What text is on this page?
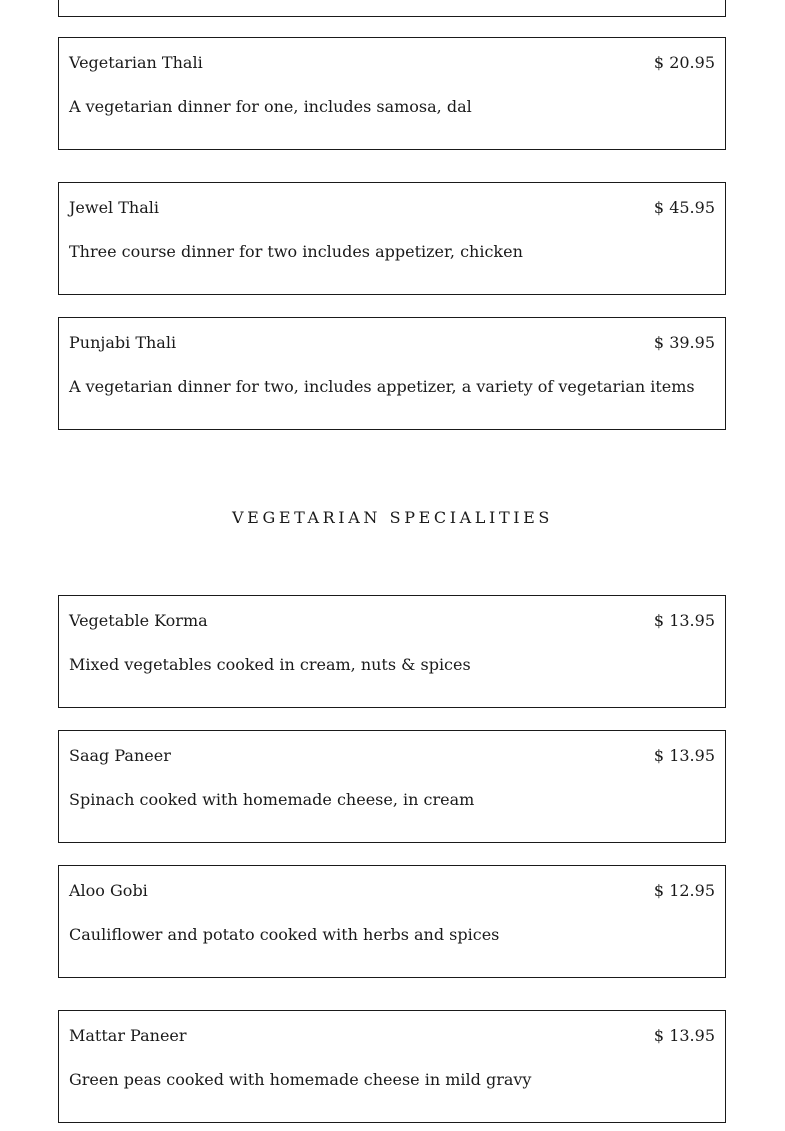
Vegetarian Thali	$ 20.95
A vegetarian dinner for one, includes samosa, dal
Jewel Thali	$ 45.95
Three course dinner for two includes appetizer, chicken
Punjabi Thali	$ 39.95
A vegetarian dinner for two, includes appetizer, a variety of vegetarian items
VEGETARIAN SPECIALITIES
Vegetable Korma	$ 13.95
Mixed vegetables cooked in cream, nuts & spices
Saag Paneer	$ 13.95
Spinach cooked with homemade cheese, in cream
Aloo Gobi	$ 12.95
Cauliflower and potato cooked with herbs and spices
Mattar Paneer	$ 13.95
Green peas cooked with homemade cheese in mild gravy
